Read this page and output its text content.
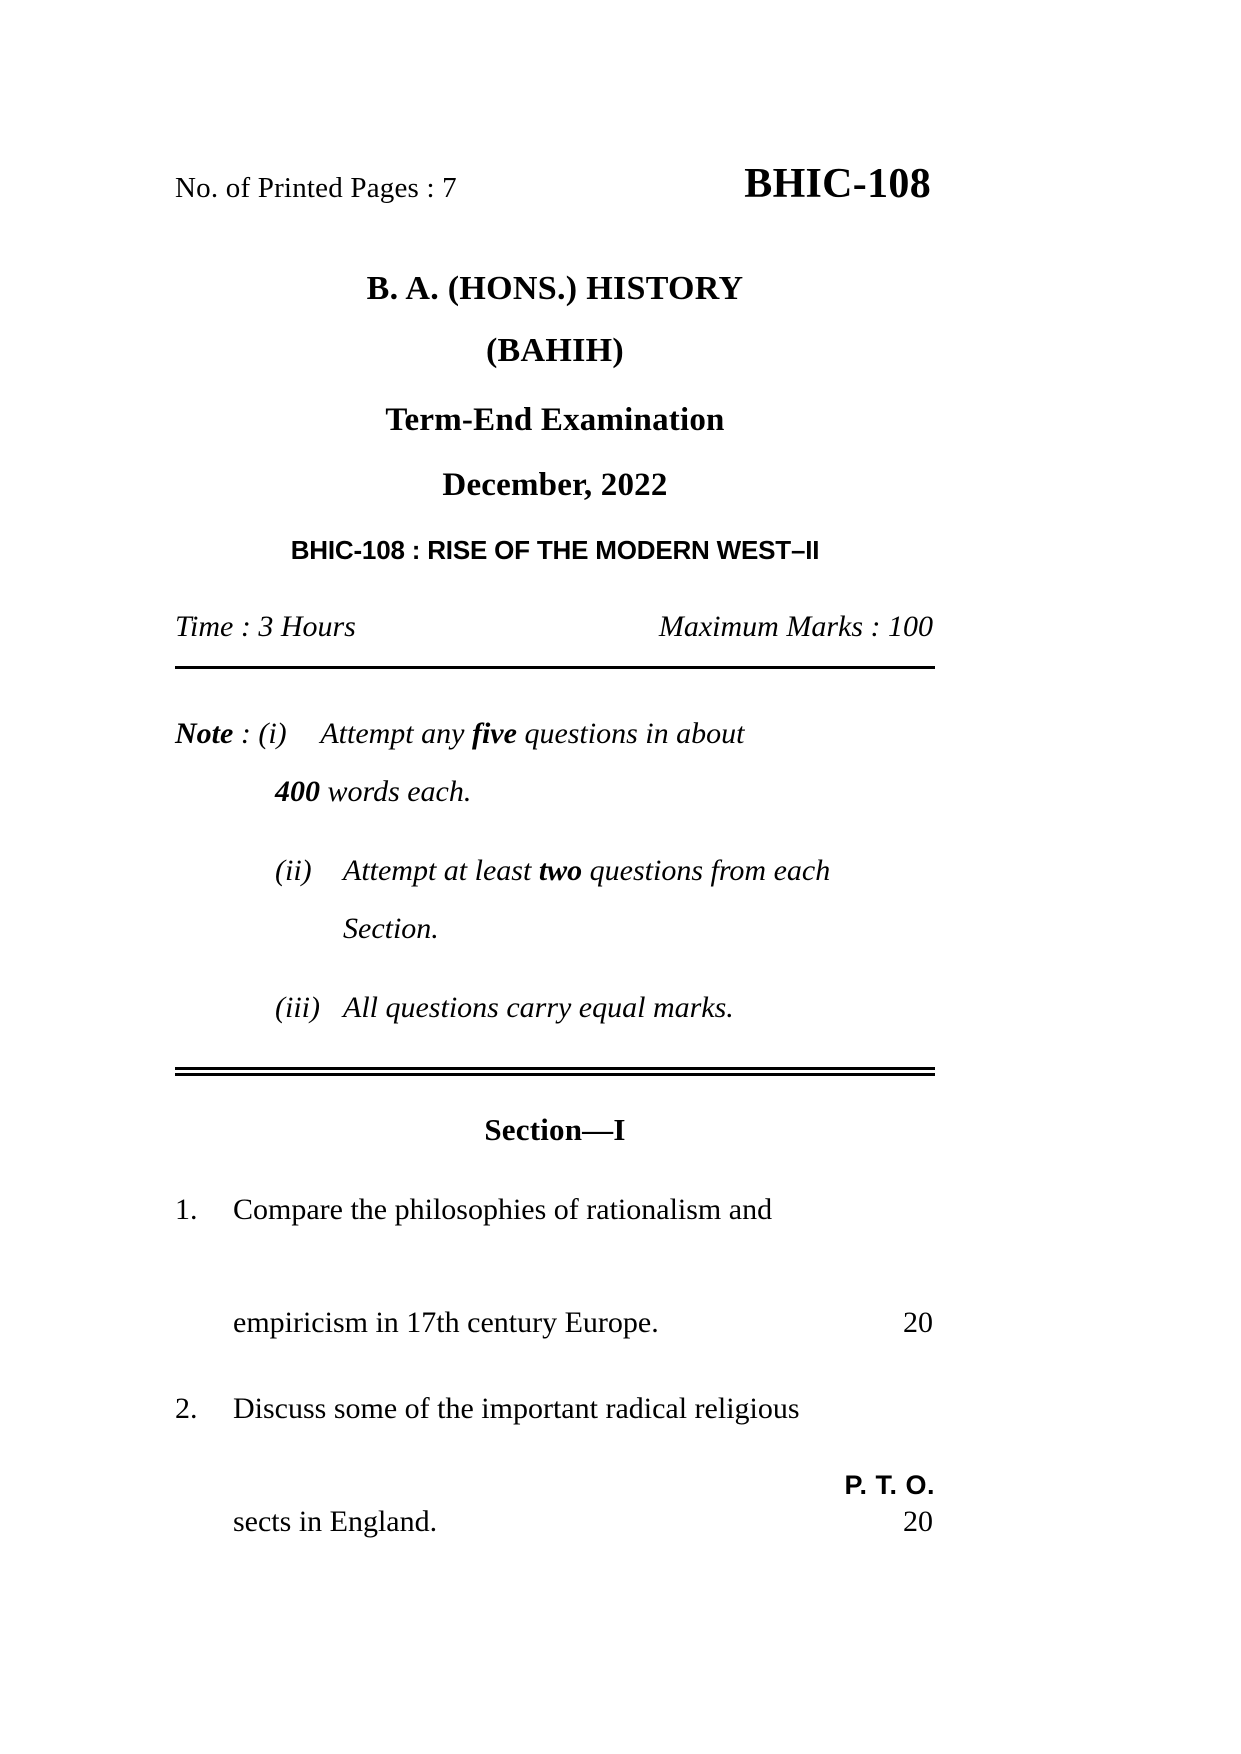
No. of Printed Pages : 7	BHIC-108
B. A. (HONS.) HISTORY
(BAHIH)
Term-End Examination
December, 2022
BHIC-108 : RISE OF THE MODERN WEST–II
Time : 3 Hours	Maximum Marks : 100
Note : (i)	Attempt any five questions in about
400 words each.
(ii)	Attempt at least two questions from each
Section.
(iii) All questions carry equal marks.
Section—I
1.	Compare the philosophies of rationalism and
empiricism in 17th century Europe.	20
2.	Discuss some of the important radical religious
sects in England.	20
P. T. O.
